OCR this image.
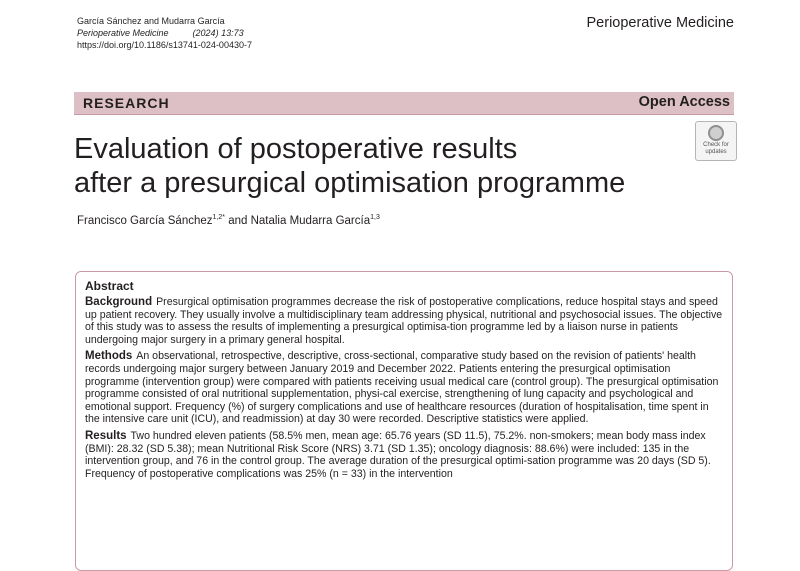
García Sánchez and Mudarra García
Perioperative Medicine	(2024) 13:73
https://doi.org/10.1186/s13741-024-00430-7
Perioperative Medicine
RESEARCH	Open Access
Check for
updates
Evaluation of postoperative results
after a presurgical optimisation programme
Francisco García Sánchez$^{1,2*}$ and Natalia Mudarra García$^{1,3}$
Abstract

Background Presurgical optimisation programmes decrease the risk of postoperative complications, reduce hospital stays and speed up patient recovery. They usually involve a multidisciplinary team addressing physical, nutritional and psychosocial issues. The objective of this study was to assess the results of implementing a presurgical optimisa-tion programme led by a liaison nurse in patients undergoing major surgery in a primary general hospital.

Methods An observational, retrospective, descriptive, cross-sectional, comparative study based on the revision of patients' health records undergoing major surgery between January 2019 and December 2022. Patients entering the presurgical optimisation programme (intervention group) were compared with patients receiving usual medical care (control group). The presurgical optimisation programme consisted of oral nutritional supplementation, physi-cal exercise, strengthening of lung capacity and psychological and emotional support. Frequency (%) of surgery complications and use of healthcare resources (duration of hospitalisation, time spent in the intensive care unit (ICU), and readmission) at day 30 were recorded. Descriptive statistics were applied.

Results Two hundred eleven patients (58.5% men, mean age: 65.76 years (SD 11.5), 75.2%. non-smokers; mean body mass index (BMI): 28.32 (SD 5.38); mean Nutritional Risk Score (NRS) 3.71 (SD 1.35); oncology diagnosis: 88.6%) were included: 135 in the intervention group, and 76 in the control group. The average duration of the presurgical optimi-sation programme was 20 days (SD 5). Frequency of postoperative complications was 25% (n = 33) in the intervention
